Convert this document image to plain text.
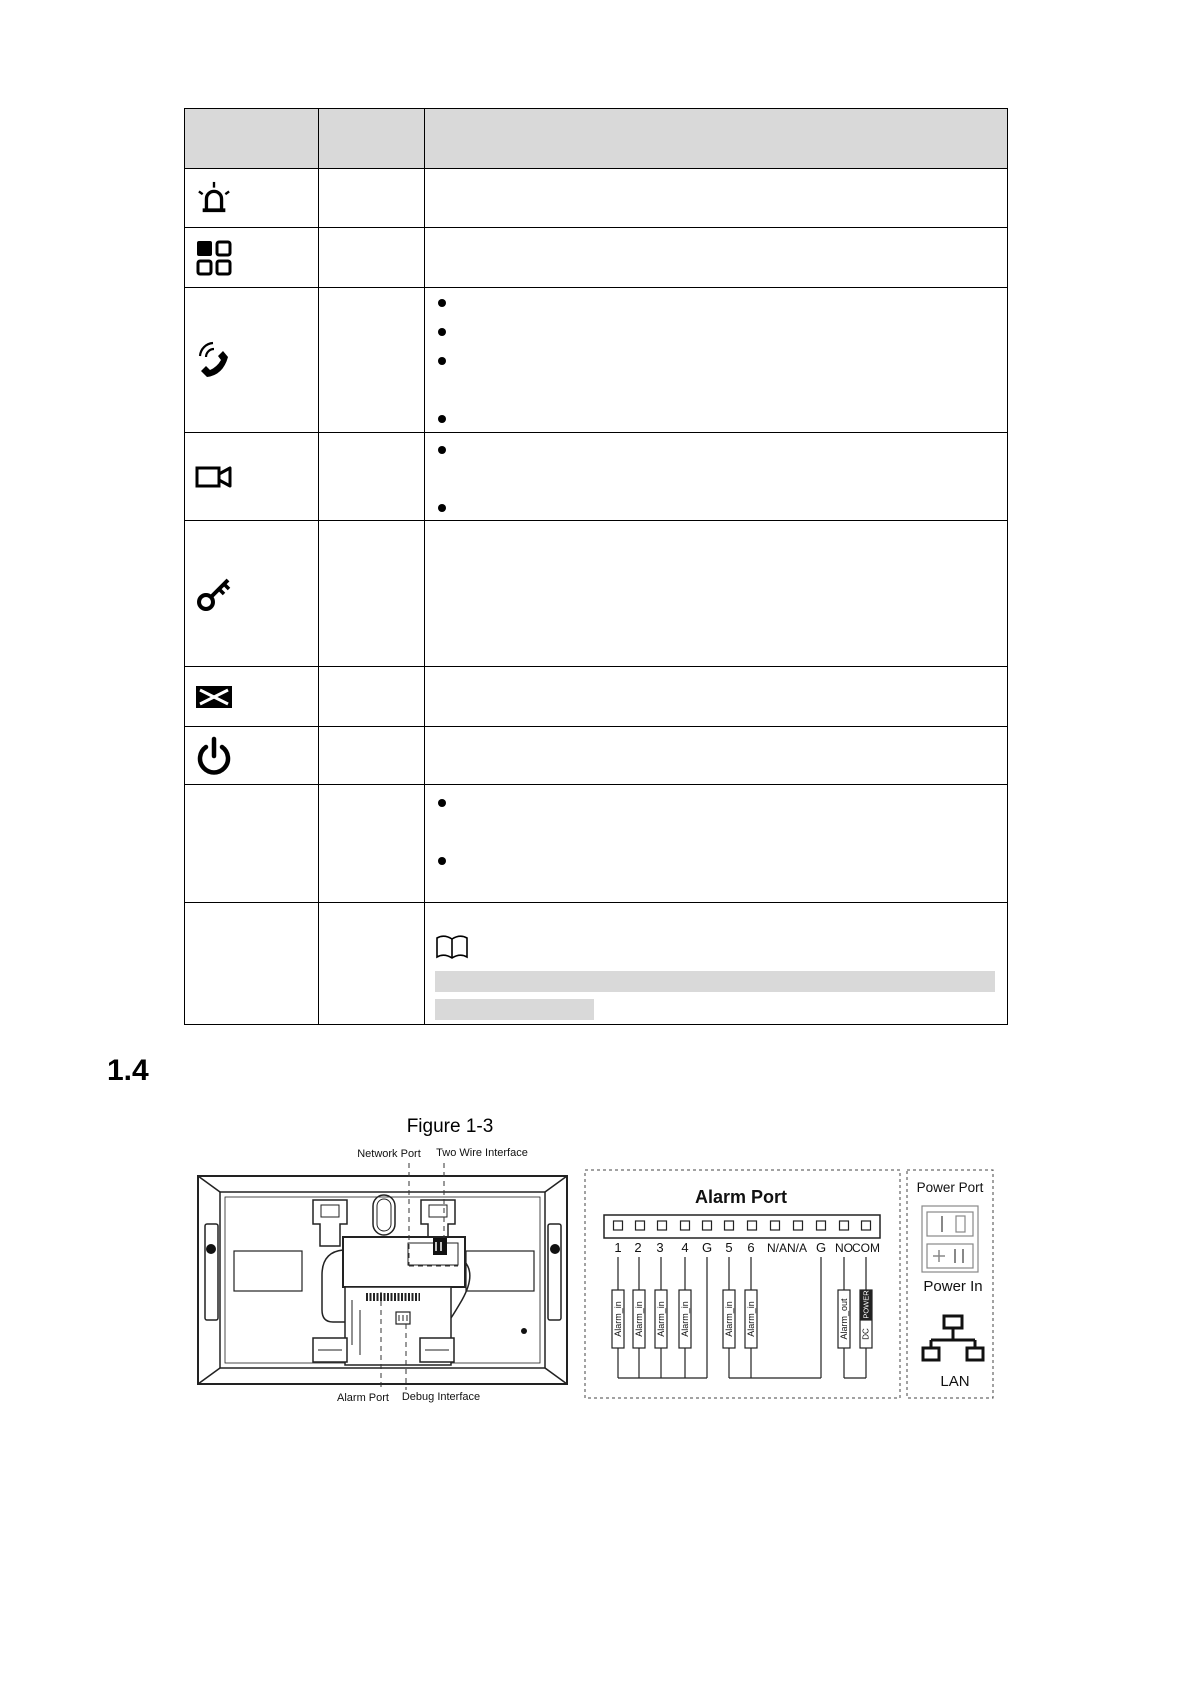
1.4
Figure 1-3
Network Port Two Wire Interface
Alarm Port Debug Interface
Alarm Port
1 2 3 4 G 5 6 N/AN/A G NO COM
Alarm_in Alarm_in Alarm_in Alarm_in	Alarm_in Alarm_in	Alarm_out POWER
DC
Power Port
Power In
LAN
